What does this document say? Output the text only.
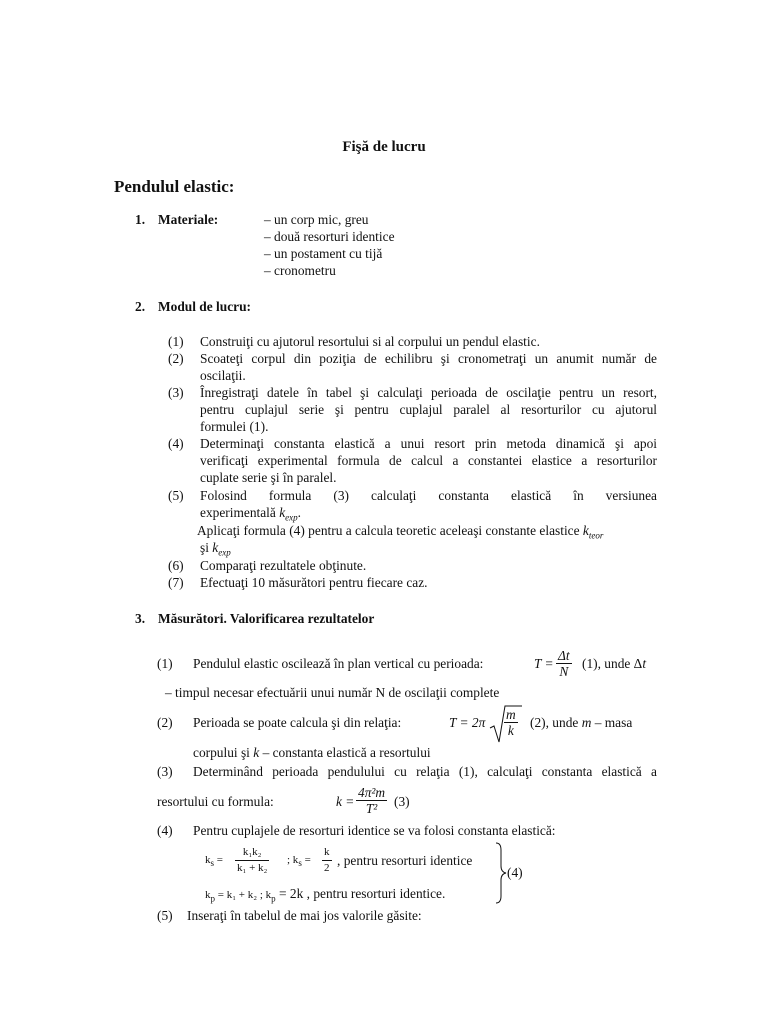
Fişă de lucru
Pendulul elastic:
1. Materiale:	– un corp mic, greu
– două resorturi identice
– un postament cu tijă
– cronometru
2. Modul de lucru:
(1)	Construiţi cu ajutorul resortului si al corpului un pendul elastic.
(2)	Scoateţi corpul din poziţia de echilibru şi cronometraţi un anumit număr de
oscilaţii.
(3)	Înregistraţi datele în tabel şi calculaţi perioada de oscilaţie pentru un resort,
pentru cuplajul serie şi pentru cuplajul paralel al resorturilor cu ajutorul
formulei (1).
(4)	Determinaţi constanta elastică a unui resort prin metoda dinamică şi apoi
verificaţi experimental formula de calcul a constantei elastice a resorturilor
cuplate serie şi în paralel.
(5)	Folosind formula (3) calculaţi constanta elastică în versiunea
experimentală $k_{exp}$.
Aplicaţi formula (4) pentru a calcula teoretic aceleaşi constante elastice $k_{teor}$
şi $k_{exp}$
(6)	Comparaţi rezultatele obţinute.
(7)	Efectuaţi 10 măsurători pentru fiecare caz.
3. Măsurători. Valorificarea rezultatelor
(1) Pendulul elastic oscilează în plan vertical cu perioada:	$T = \frac{\Delta t}{N} (1)$, unde Δt
– timpul necesar efectuării unui număr N de oscilaţii complete
(2) Perioada se poate calcula şi din relaţia:	$T = 2\pi \frac{m}{k} (2)$, unde m – masa
corpului şi k – constanta elastică a resortului
(3) Determinând perioada pendulului cu relaţia (1), calculaţi constanta elastică a
resortului cu formula:	$k = \frac{\text{4π²m}}{\text{T²}} (3)$
(4) Pentru cuplajele de resorturi identice se va folosi constanta elastică:
$k_s = \frac{\text{k₁k₂}}{\text{k₁ + k₂}}$ ; $k_s = \frac{k}{2}$ , pentru resorturi identice
$k_p = k_1 + k_2$ ; $k_p = 2k$ , pentru resorturi identice.
(4)
(5) Inseraţi în tabelul de mai jos valorile găsite:
